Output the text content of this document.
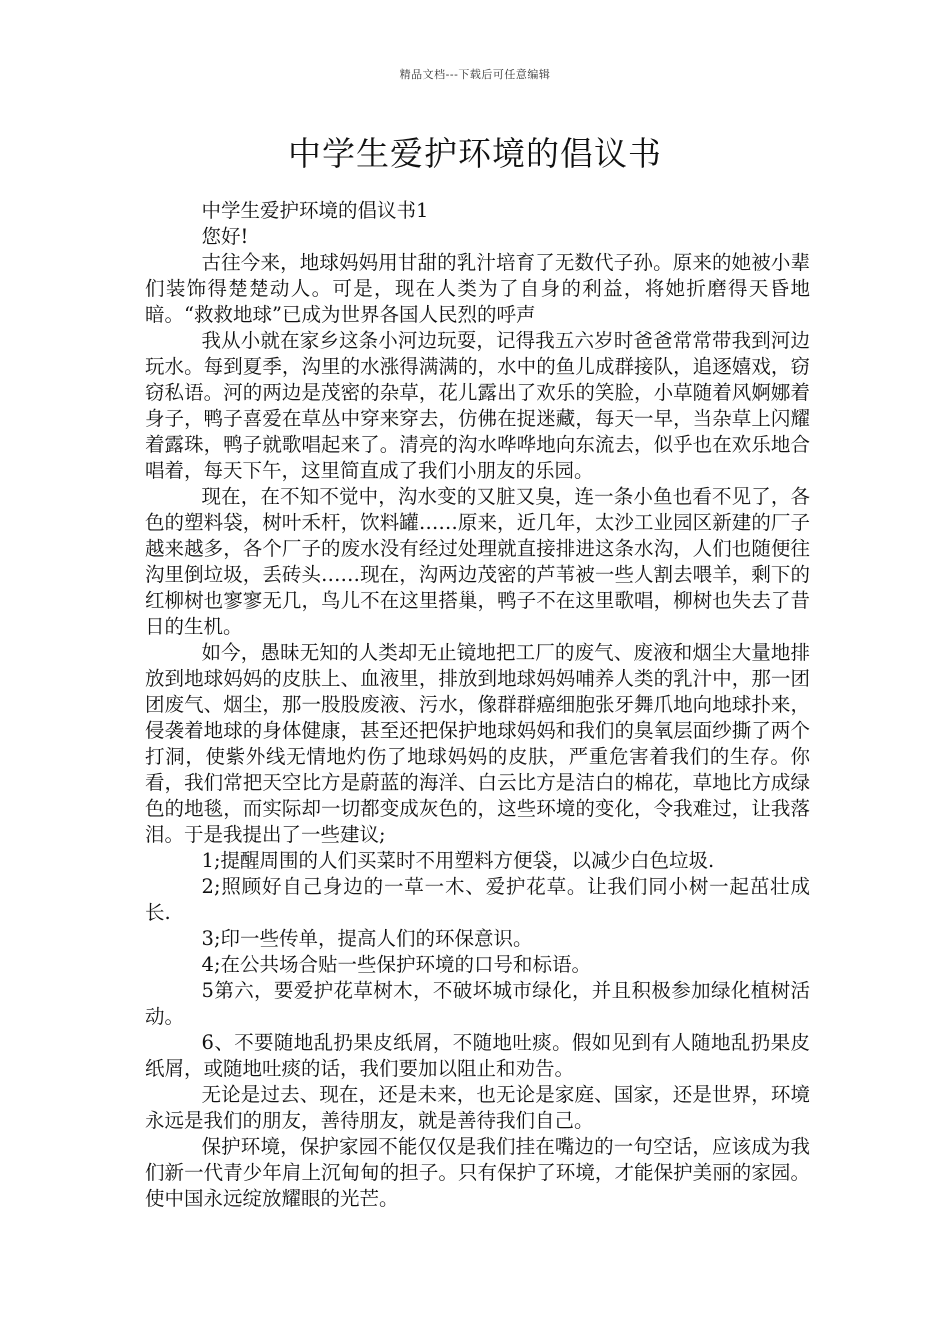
精品文档---下载后可任意编辑
中学生爱护环境的倡议书

中学生爱护环境的倡议书1

您好!

古往今来，地球妈妈用甘甜的乳汁培育了无数代子孙。原来的她被小辈们装饰得楚楚动人。可是，现在人类为了自身的利益，将她折磨得天昏地暗。“救救地球”已成为世界各国人民烈的呼声

我从小就在家乡这条小河边玩耍，记得我五六岁时爸爸常常带我到河边玩水。每到夏季，沟里的水涨得满满的，水中的鱼儿成群接队，追逐嬉戏，窃窃私语。河的两边是茂密的杂草，花儿露出了欢乐的笑脸，小草随着风婀娜着身子，鸭子喜爱在草丛中穿来穿去，仿佛在捉迷藏，每天一早，当杂草上闪耀着露珠，鸭子就歌唱起来了。清亮的沟水哗哗地向东流去，似乎也在欢乐地合唱着，每天下午，这里简直成了我们小朋友的乐园。

现在，在不知不觉中，沟水变的又脏又臭，连一条小鱼也看不见了，各色的塑料袋，树叶禾杆，饮料罐……原来，近几年，太沙工业园区新建的厂子越来越多，各个厂子的废水没有经过处理就直接排进这条水沟，人们也随便往沟里倒垃圾，丢砖头……现在，沟两边茂密的芦苇被一些人割去喂羊，剩下的红柳树也寥寥无几，鸟儿不在这里搭巢，鸭子不在这里歌唱，柳树也失去了昔日的生机。

如今，愚昧无知的人类却无止镜地把工厂的废气、废液和烟尘大量地排放到地球妈妈的皮肤上、血液里，排放到地球妈妈哺养人类的乳汁中，那一团团废气、烟尘，那一股股废液、污水，像群群癌细胞张牙舞爪地向地球扑来，侵袭着地球的身体健康，甚至还把保护地球妈妈和我们的臭氧层面纱撕了两个打洞，使紫外线无情地灼伤了地球妈妈的皮肤，严重危害着我们的生存。你看，我们常把天空比方是蔚蓝的海洋、白云比方是洁白的棉花，草地比方成绿色的地毯，而实际却一切都变成灰色的，这些环境的变化，令我难过，让我落泪。于是我提出了一些建议;

1;提醒周围的人们买菜时不用塑料方便袋，以减少白色垃圾.

2;照顾好自己身边的一草一木、爱护花草。让我们同小树一起茁壮成长.

3;印一些传单，提高人们的环保意识。

4;在公共场合贴一些保护环境的口号和标语。

5第六，要爱护花草树木，不破坏城市绿化，并且积极参加绿化植树活动。

6、不要随地乱扔果皮纸屑，不随地吐痰。假如见到有人随地乱扔果皮纸屑，或随地吐痰的话，我们要加以阻止和劝告。

无论是过去、现在，还是未来，也无论是家庭、国家，还是世界，环境永远是我们的朋友，善待朋友，就是善待我们自己。

保护环境，保护家园不能仅仅是我们挂在嘴边的一句空话，应该成为我们新一代青少年肩上沉甸甸的担子。只有保护了环境，才能保护美丽的家园。使中国永远绽放耀眼的光芒。
